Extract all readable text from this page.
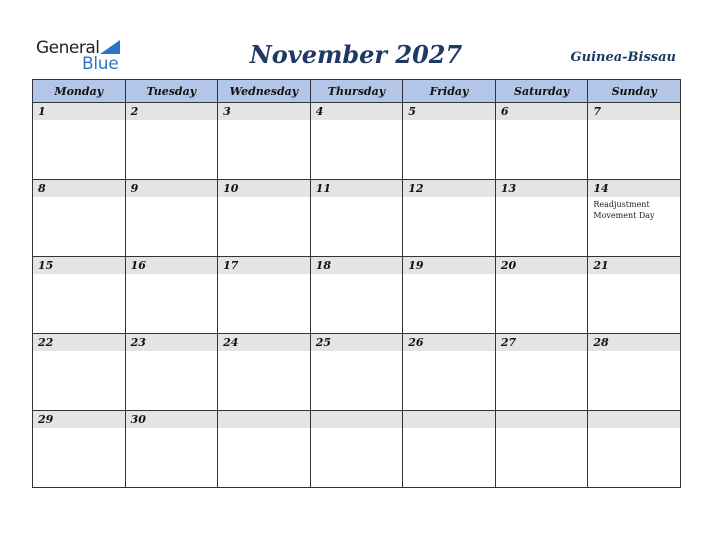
General
Blue	November 2027	Guinea-Bissau
Monday	Tuesday	Wednesday	Thursday	Friday	Saturday	Sunday

1	2	3	4	5	6	7

8	9	10	11	12	13	14
Readjustment Movement Day

15	16	17	18	19	20	21

22	23	24	25	26	27	28

29	30					
